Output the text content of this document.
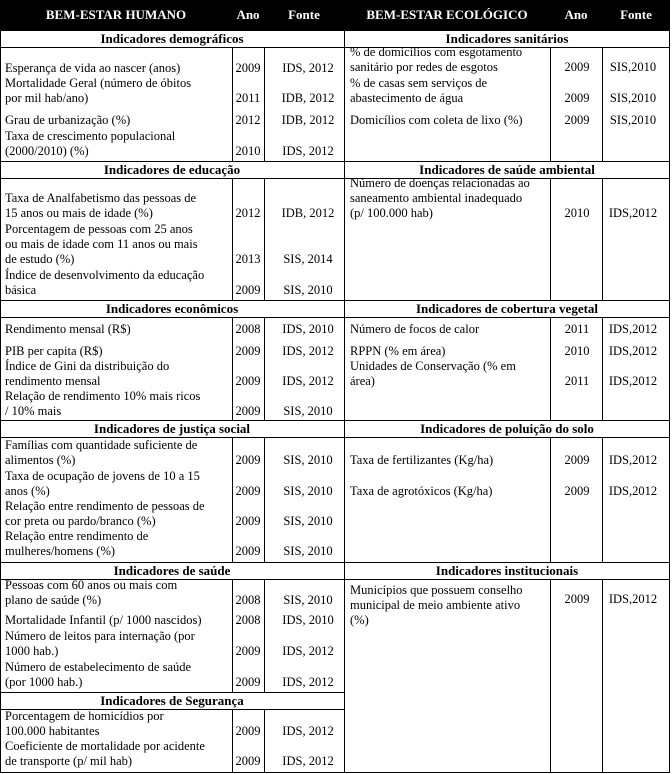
BEM-ESTAR HUMANO	Ano	Fonte	BEM-ESTAR ECOLÓGICO	Ano	Fonte
Indicadores demográficos
Esperança de vida ao nascer (anos)	2009	IDS, 2012
Mortalidade Geral (número de óbitos
por mil hab/ano)	2011	IDB, 2012
Grau de urbanização (%)	2012	IDB, 2012
Taxa de crescimento populacional
(2000/2010) (%)	2010	IDS, 2012
Indicadores de educação
Taxa de Analfabetismo das pessoas de
15 anos ou mais de idade (%)	2012	IDB, 2012
Porcentagem de pessoas com 25 anos
ou mais de idade com 11 anos ou mais
de estudo (%)	2013	SIS, 2014
Índice de desenvolvimento da educação
básica	2009	SIS, 2010
Indicadores econômicos
Rendimento mensal (R$)	2008	IDS, 2010
PIB per capita (R$)	2009	IDS, 2012
Índice de Gini da distribuição do
rendimento mensal	2009	IDS, 2012
Relação de rendimento 10% mais ricos
/ 10% mais	2009	SIS, 2010
Indicadores de justiça social
Famílias com quantidade suficiente de
alimentos (%)	2009	SIS, 2010
Taxa de ocupação de jovens de 10 a 15
anos (%)	2009	SIS, 2010
Relação entre rendimento de pessoas de
cor preta ou pardo/branco (%)	2009	SIS, 2010
Relação entre rendimento de
mulheres/homens (%)	2009	SIS, 2010
Indicadores de saúde
Pessoas com 60 anos ou mais com
plano de saúde (%)	2008	SIS, 2010
Mortalidade Infantil (p/ 1000 nascidos)	2008	IDS, 2010
Número de leitos para internação (por
1000 hab.)	2009	IDS, 2012
Número de estabelecimento de saúde
(por 1000 hab.)	2009	IDS, 2012
Indicadores de Segurança
Porcentagem de homicídios por
100.000 habitantes	2009	IDS, 2012
Coeficiente de mortalidade por acidente
de transporte (p/ mil hab)	2009	IDS, 2012
Indicadores sanitários
% de domicílios com esgotamento
sanitário por redes de esgotos	2009	SIS,2010
% de casas sem serviços de
abastecimento de água	2009	SIS,2010
Domicílios com coleta de lixo (%)	2009	SIS,2010
Indicadores de saúde ambiental
Número de doenças relacionadas ao
saneamento ambiental inadequado
(p/ 100.000 hab)	2010	IDS,2012
Indicadores de cobertura vegetal
Número de focos de calor	2011	IDS,2012
RPPN (% em área)	2010	IDS,2012
Unidades de Conservação (% em
área)	2011	IDS,2012
Indicadores de poluição do solo
Taxa de fertilizantes (Kg/ha)	2009	IDS,2012
Taxa de agrotóxicos (Kg/ha)	2009	IDS,2012
Indicadores institucionais
Municípios que possuem conselho
municipal de meio ambiente ativo
(%)
2009	IDS,2012
